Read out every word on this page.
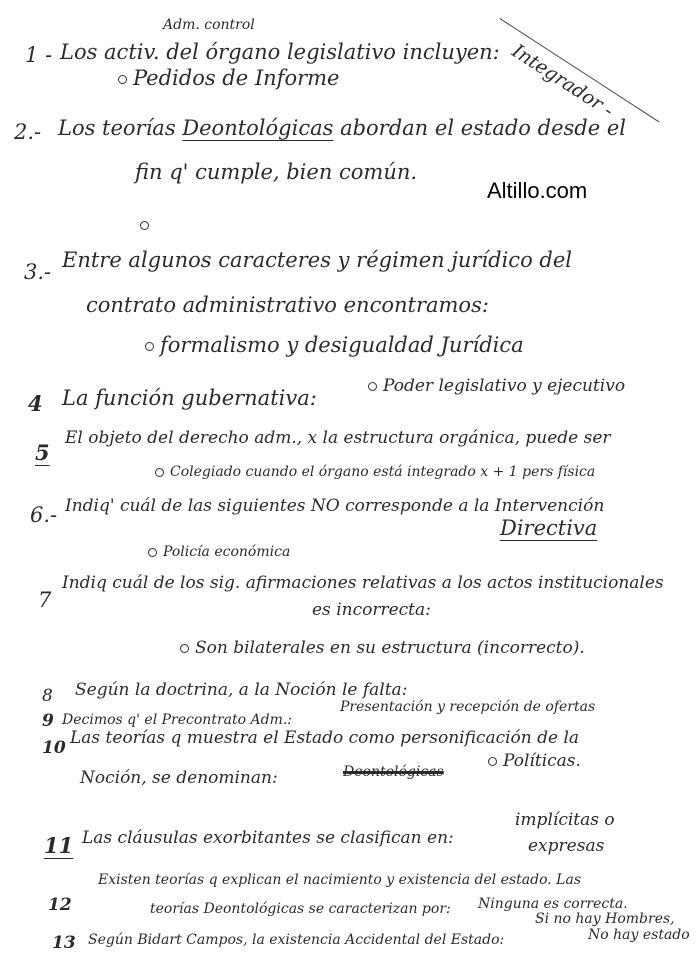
Integrador -
Altillo.com
Adm. control
1 - Los activ. del órgano legislativo incluyen:
Pedidos de Informe
2.- Los teorías Deontológicas abordan el estado desde el
fin q' cumple, bien común.
3.- Entre algunos caracteres y régimen jurídico del
contrato administrativo encontramos:
formalismo y desigualdad Jurídica
4 La función gubernativa:	Poder legislativo y ejecutivo
5
El objeto del derecho adm., x la estructura orgánica, puede ser
Colegiado cuando el órgano está integrado x + 1 pers física
6.- Indiq' cuál de las siguientes NO corresponde a la Intervención
Directiva
Policía económica
7
Indiq cuál de los sig. afirmaciones relativas a los actos institucionales
es incorrecta:
Son bilaterales en su estructura (incorrecto).
8 Según la doctrina, a la Noción le falta:
9 Decimos q' el Precontrato Adm.:
Presentación y recepción de ofertas
10 Las teorías q muestra el Estado como personificación de la
Noción, se denominan:	Deontológicas
Políticas.
11 Las cláusulas exorbitantes se clasifican en:
implícitas o
expresas
12
Existen teorías q explican el nacimiento y existencia del estado. Las
teorías Deontológicas se caracterizan por: Ninguna es correcta.
13 Según Bidart Campos, la existencia Accidental del Estado:
Si no hay Hombres,
No hay estado
